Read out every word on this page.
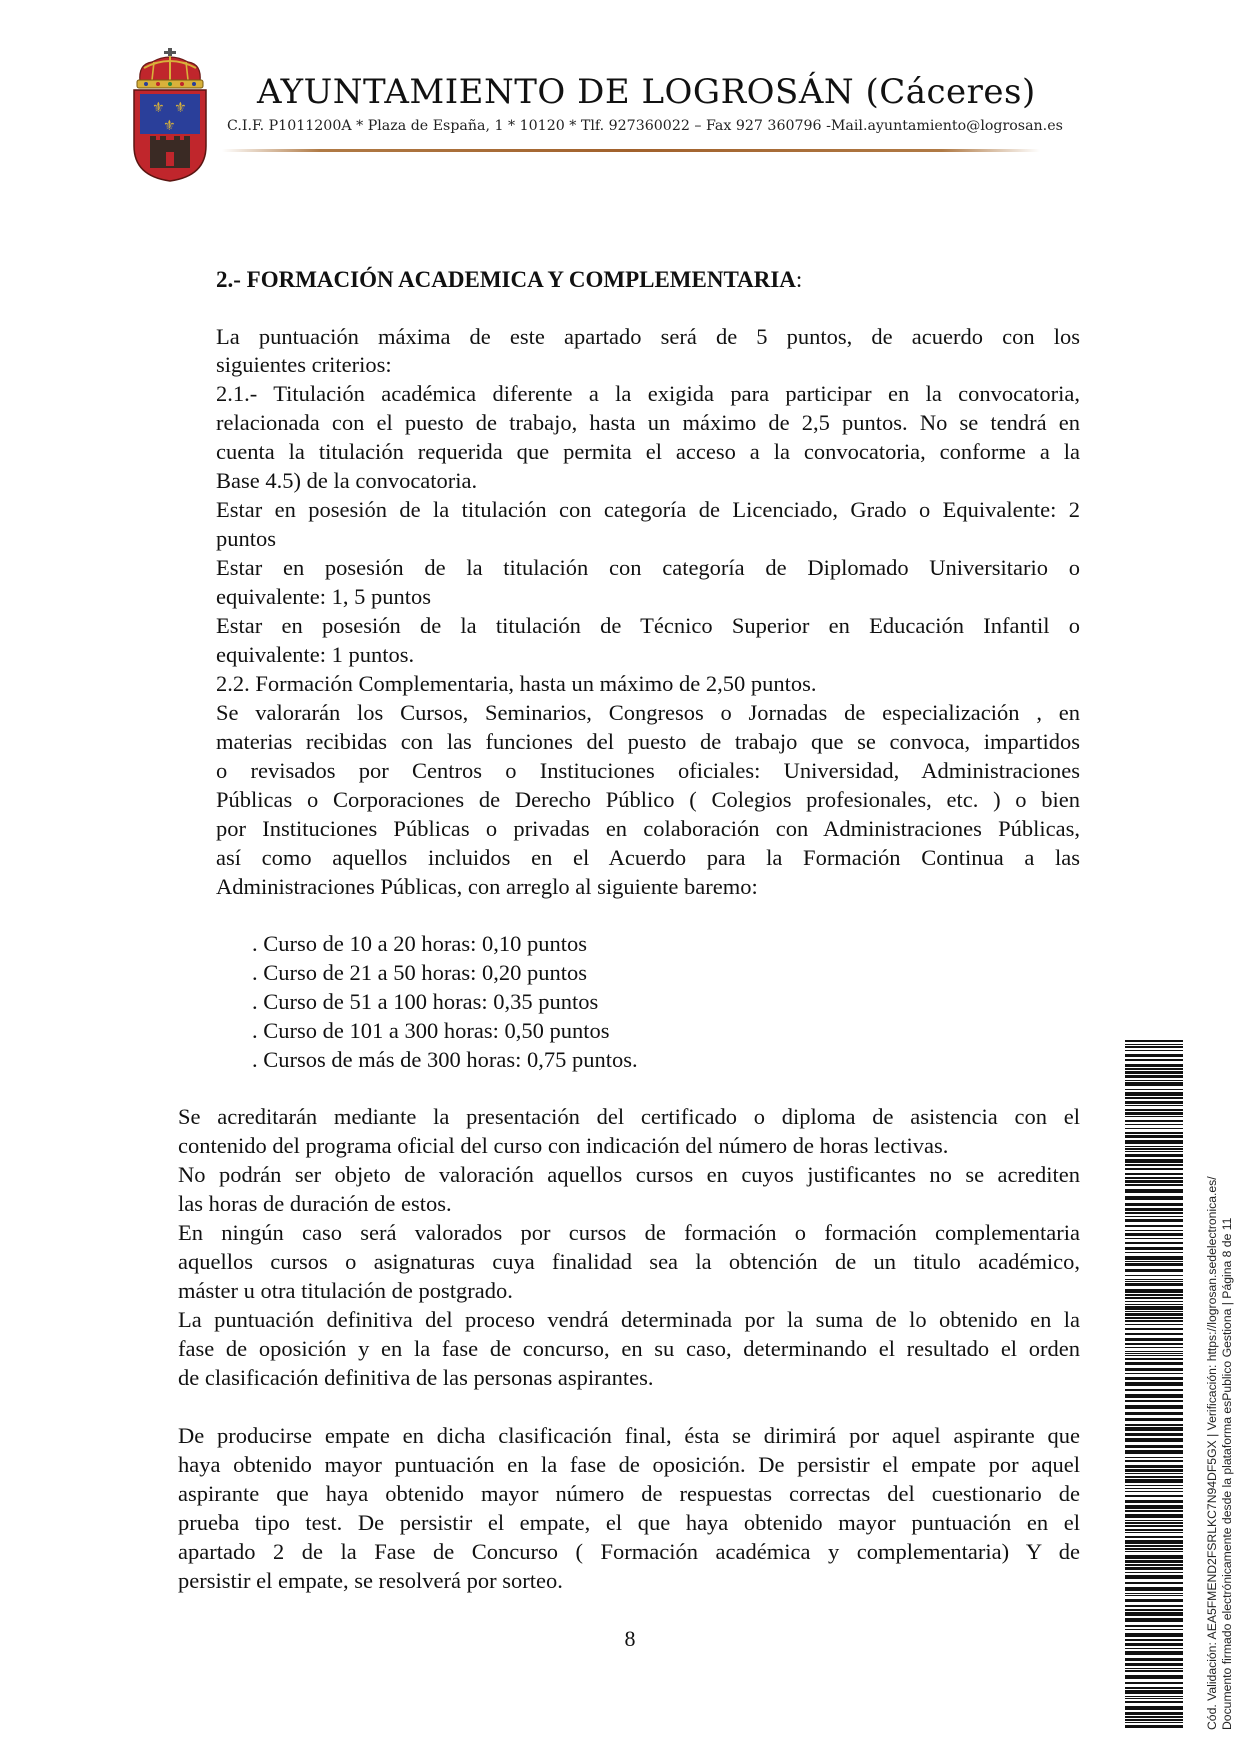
⚜ ⚜
⚜
AYUNTAMIENTO DE LOGROSÁN (Cáceres)
C.I.F. P1011200A * Plaza de España, 1 * 10120 * Tlf. 927360022 – Fax 927 360796 -Mail.ayuntamiento@logrosan.es
2.- FORMACIÓN ACADEMICA Y COMPLEMENTARIA:
La puntuación máxima de este apartado será de 5 puntos, de acuerdo con los
siguientes criterios:
2.1.- Titulación académica diferente a la exigida para participar en la convocatoria,
relacionada con el puesto de trabajo, hasta un máximo de 2,5 puntos. No se tendrá en
cuenta la titulación requerida que permita el acceso a la convocatoria, conforme a la
Base 4.5) de la convocatoria.
Estar en posesión de la titulación con categoría de Licenciado, Grado o Equivalente: 2
puntos
Estar en posesión de la titulación con categoría de Diplomado Universitario o
equivalente: 1, 5 puntos
Estar en posesión de la titulación de Técnico Superior en Educación Infantil o
equivalente: 1 puntos.
2.2. Formación Complementaria, hasta un máximo de 2,50 puntos.
Se valorarán los Cursos, Seminarios, Congresos o Jornadas de especialización , en
materias recibidas con las funciones del puesto de trabajo que se convoca, impartidos
o revisados por Centros o Instituciones oficiales: Universidad, Administraciones
Públicas o Corporaciones de Derecho Público ( Colegios profesionales, etc. ) o bien
por Instituciones Públicas o privadas en colaboración con Administraciones Públicas,
así como aquellos incluidos en el Acuerdo para la Formación Continua a las
Administraciones Públicas, con arreglo al siguiente baremo:
. Curso de 10 a 20 horas: 0,10 puntos
. Curso de 21 a 50 horas: 0,20 puntos
. Curso de 51 a 100 horas: 0,35 puntos
. Curso de 101 a 300 horas: 0,50 puntos
. Cursos de más de 300 horas: 0,75 puntos.
Se acreditarán mediante la presentación del certificado o diploma de asistencia con el
contenido del programa oficial del curso con indicación del número de horas lectivas.
No podrán ser objeto de valoración aquellos cursos en cuyos justificantes no se acrediten
las horas de duración de estos.
En ningún caso será valorados por cursos de formación o formación complementaria
aquellos cursos o asignaturas cuya finalidad sea la obtención de un titulo académico,
máster u otra titulación de postgrado.
La puntuación definitiva del proceso vendrá determinada por la suma de lo obtenido en la
fase de oposición y en la fase de concurso, en su caso, determinando el resultado el orden
de clasificación definitiva de las personas aspirantes.
De producirse empate en dicha clasificación final, ésta se dirimirá por aquel aspirante que
haya obtenido mayor puntuación en la fase de oposición. De persistir el empate por aquel
aspirante que haya obtenido mayor número de respuestas correctas del cuestionario de
prueba tipo test. De persistir el empate, el que haya obtenido mayor puntuación en el
apartado 2 de la Fase de Concurso ( Formación académica y complementaria) Y de
persistir el empate, se resolverá por sorteo.
8	Cód. Validación: AEA5FMEND2FSRLKC7N94DF5GX | Verificación: https://logrosan.sedelectronica.es/ Documento firmado electrónicamente desde la plataforma esPublico Gestiona | Página 8 de 11
